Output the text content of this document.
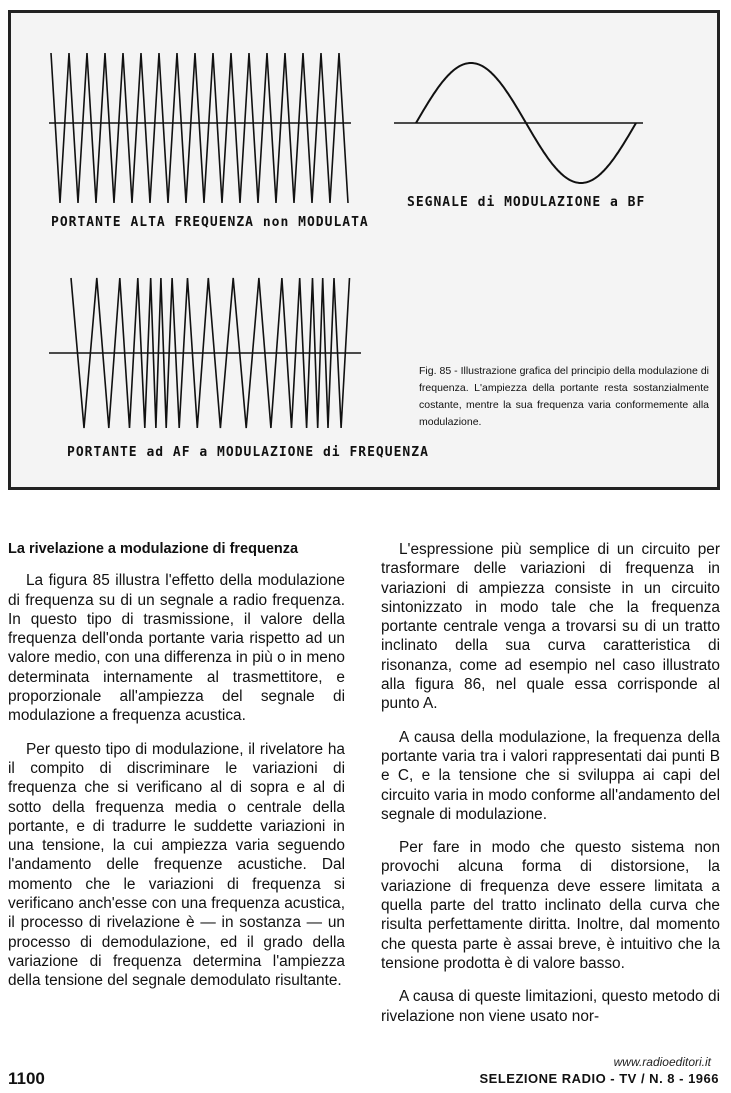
PORTANTE ALTA FREQUENZA non MODULATA
SEGNALE di MODULAZIONE a BF
PORTANTE ad AF a MODULAZIONE di FREQUENZA
Fig. 85 - Illustrazione grafica del principio della modulazione di frequenza. L'ampiezza della portante resta sostanzialmente costante, mentre la sua frequenza varia conformemente alla modulazione.
La rivelazione a modulazione di frequenza

La figura 85 illustra l'effetto della modulazione di frequenza su di un segnale a radio frequenza. In questo tipo di trasmissione, il valore della frequenza dell'onda portante varia rispetto ad un valore medio, con una differenza in più o in meno determinata internamente al trasmettitore, e proporzionale all'ampiezza del segnale di modulazione a frequenza acustica.

Per questo tipo di modulazione, il rivelatore ha il compito di discriminare le variazioni di frequenza che si verificano al di sopra e al di sotto della frequenza media o centrale della portante, e di tradurre le suddette variazioni in una tensione, la cui ampiezza varia seguendo l'andamento delle frequenze acustiche. Dal momento che le variazioni di frequenza si verificano anch'esse con una frequenza acustica, il processo di rivelazione è — in sostanza — un processo di demodulazione, ed il grado della variazione di frequenza determina l'ampiezza della tensione del segnale demodulato risultante.

L'espressione più semplice di un circuito per trasformare delle variazioni di frequenza in variazioni di ampiezza consiste in un circuito sintonizzato in modo tale che la frequenza portante centrale venga a trovarsi su di un tratto inclinato della sua curva caratteristica di risonanza, come ad esempio nel caso illustrato alla figura 86, nel quale essa corrisponde al punto A.

A causa della modulazione, la frequenza della portante varia tra i valori rappresentati dai punti B e C, e la tensione che si sviluppa ai capi del circuito varia in modo conforme all'andamento del segnale di modulazione.

Per fare in modo che questo sistema non provochi alcuna forma di distorsione, la variazione di frequenza deve essere limitata a quella parte del tratto inclinato della curva che risulta perfettamente diritta. Inoltre, dal momento che questa parte è assai breve, è intuitivo che la tensione prodotta è di valore basso.

A causa di queste limitazioni, questo metodo di rivelazione non viene usato nor-

www.radioeditori.it
1100	SELEZIONE RADIO - TV / N. 8 - 1966
